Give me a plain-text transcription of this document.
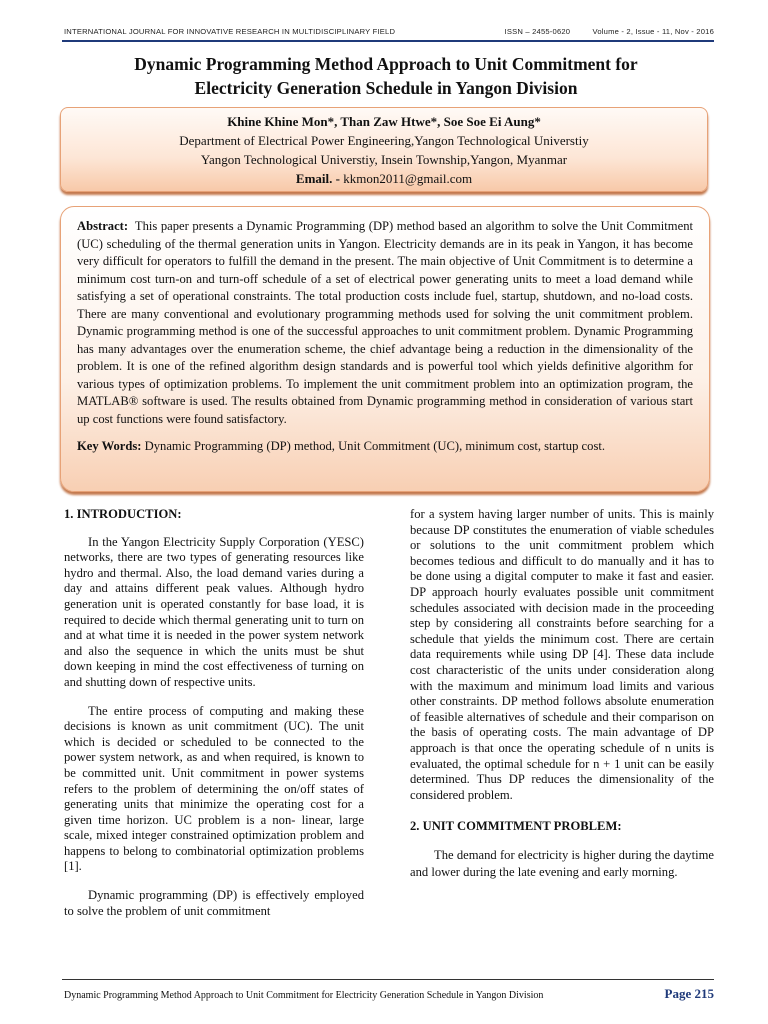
INTERNATIONAL JOURNAL FOR INNOVATIVE RESEARCH IN MULTIDISCIPLINARY FIELD	ISSN – 2455-0620	Volume - 2, Issue - 11, Nov - 2016
Dynamic Programming Method Approach to Unit Commitment for
Electricity Generation Schedule in Yangon Division
Khine Khine Mon*, Than Zaw Htwe*, Soe Soe Ei Aung*
Department of Electrical Power Engineering,Yangon Technological Universtiy
Yangon Technological Universtiy, Insein Township,Yangon, Myanmar
Email. - kkmon2011@gmail.com
Abstract: This paper presents a Dynamic Programming (DP) method based an algorithm to solve the Unit Commitment (UC) scheduling of the thermal generation units in Yangon. Electricity demands are in its peak in Yangon, it has become very difficult for operators to fulfill the demand in the present. The main objective of Unit Commitment is to determine a minimum cost turn-on and turn-off schedule of a set of electrical power generating units to meet a load demand while satisfying a set of operational constraints. The total production costs include fuel, startup, shutdown, and no-load costs. There are many conventional and evolutionary programming methods used for solving the unit commitment problem. Dynamic programming method is one of the successful approaches to unit commitment problem. Dynamic Programming has many advantages over the enumeration scheme, the chief advantage being a reduction in the dimensionality of the problem. It is one of the refined algorithm design standards and is powerful tool which yields definitive algorithm for various types of optimization problems. To implement the unit commitment problem into an optimization program, the MATLAB® software is used. The results obtained from Dynamic programming method in consideration of various start up cost functions were found satisfactory.
Key Words: Dynamic Programming (DP) method, Unit Commitment (UC), minimum cost, startup cost.
1. INTRODUCTION:

In the Yangon Electricity Supply Corporation (YESC) networks, there are two types of generating resources like hydro and thermal. Also, the load demand varies during a day and attains different peak values. Although hydro generation unit is operated constantly for base load, it is required to decide which thermal generating unit to turn on and at what time it is needed in the power system network and also the sequence in which the units must be shut down keeping in mind the cost effectiveness of turning on and shutting down of respective units.

The entire process of computing and making these decisions is known as unit commitment (UC). The unit which is decided or scheduled to be connected to the power system network, as and when required, is known to be committed unit. Unit commitment in power systems refers to the problem of determining the on/off states of generating units that minimize the operating cost for a given time horizon. UC problem is a non- linear, large scale, mixed integer constrained optimization problem and happens to belong to combinatorial optimization problems [1].

Dynamic programming (DP) is effectively employed to solve the problem of unit commitment

for a system having larger number of units. This is mainly because DP constitutes the enumeration of viable schedules or solutions to the unit commitment problem which becomes tedious and difficult to do manually and it has to be done using a digital computer to make it fast and easier. DP approach hourly evaluates possible unit commitment schedules associated with decision made in the proceeding step by considering all constraints before searching for a schedule that yields the minimum cost. There are certain data requirements while using DP [4]. These data include cost characteristic of the units under consideration along with the maximum and minimum load limits and various other constraints. DP method follows absolute enumeration of feasible alternatives of schedule and their comparison on the basis of operating costs. The main advantage of DP approach is that once the operating schedule of n units is evaluated, the optimal schedule for n + 1 unit can be easily determined. Thus DP reduces the dimensionality of the considered problem.

2. UNIT COMMITMENT PROBLEM:

The demand for electricity is higher during the daytime and lower during the late evening and early morning.

Dynamic Programming Method Approach to Unit Commitment for Electricity Generation Schedule in Yangon Division	Page 215
